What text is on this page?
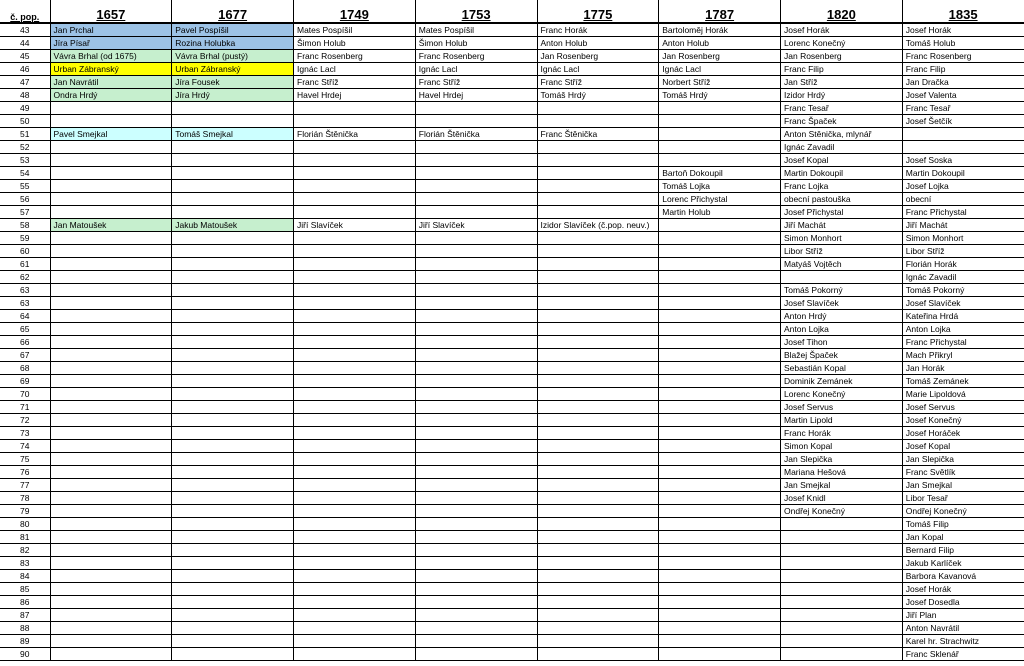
č. pop.	1657	1677	1749	1753	1775	1787	1820	1835
43	Jan Prchal	Pavel Pospíšil	Mates Pospíšil	Mates Pospíšil	Franc Horák	Bartoloměj Horák	Josef Horák	Josef Horák
44	Jíra Písař	Rozina Holubka	Šimon Holub	Šimon Holub	Anton Holub	Anton Holub	Lorenc Konečný	Tomáš Holub
45	Vávra Brhal (od 1675)	Vávra Brhal (pustý)	Franc Rosenberg	Franc Rosenberg	Jan Rosenberg	Jan Rosenberg	Jan Rosenberg	Franc Rosenberg
46	Urban Zábranský	Urban Zábranský	Ignác Lacl	Ignác Lacl	Ignác Lacl	Ignác Lacl	Franc Filip	Franc Filip
47	Jan Navrátil	Jíra Fousek	Franc Stříž	Franc Stříž	Franc Stříž	Norbert Stříž	Jan Stříž	Jan Dračka
48	Ondra Hrdý	Jíra Hrdý	Havel Hrdej	Havel Hrdej	Tomáš Hrdý	Tomáš Hrdý	Izidor Hrdý	Josef Valenta
49							Franc Tesař	Franc Tesař
50							Franc Špaček	Josef Šetčík
51	Pavel Smejkal	Tomáš Smejkal	Florián Štěnička	Florián Štěnička	Franc Štěnička		Anton Stěnička, mlynář	
52							Ignác Zavadil	
53							Josef Kopal	Josef Soska
54						Bartoň Dokoupil	Martin Dokoupil	Martin Dokoupil
55						Tomáš Lojka	Franc Lojka	Josef Lojka
56						Lorenc Přichystal	obecní pastouška	obecní
57						Martin Holub	Josef Přichystal	Franc Přichystal
58	Jan Matoušek	Jakub Matoušek	Jiří Slavíček	Jiří Slavíček	Izidor Slavíček (č.pop. neuv.)		Jiří Machát	Jiří Machát
59							Simon Monhort	Simon Monhort
60							Libor Stříž	Libor Stříž
61							Matyáš Vojtěch	Florián Horák
62								Ignác Zavadil
63							Tomáš Pokorný	Tomáš Pokorný
63							Josef Slavíček	Josef Slavíček
64							Anton Hrdý	Kateřina Hrdá
65							Anton Lojka	Anton Lojka
66							Josef Tihon	Franc Přichystal
67							Blažej Špaček	Mach Přikryl
68							Sebastián Kopal	Jan Horák
69							Dominik Zemánek	Tomáš Zemánek
70							Lorenc Konečný	Marie Lipoldová
71							Josef Servus	Josef Servus
72							Martin Lipold	Josef Konečný
73							Franc Horák	Josef Horáček
74							Simon Kopal	Josef Kopal
75							Jan Slepička	Jan Slepička
76							Mariana Hešová	Franc Světlík
77							Jan Smejkal	Jan Smejkal
78							Josef Knidl	Libor Tesař
79							Ondřej Konečný	Ondřej Konečný
80								Tomáš Filip
81								Jan Kopal
82								Bernard Filip
83								Jakub Karlíček
84								Barbora Kavanová
85								Josef Horák
86								Josef Dosedla
87								Jiří Plan
88								Anton Navrátil
89								Karel hr. Strachwitz
90								Franc Sklenář
